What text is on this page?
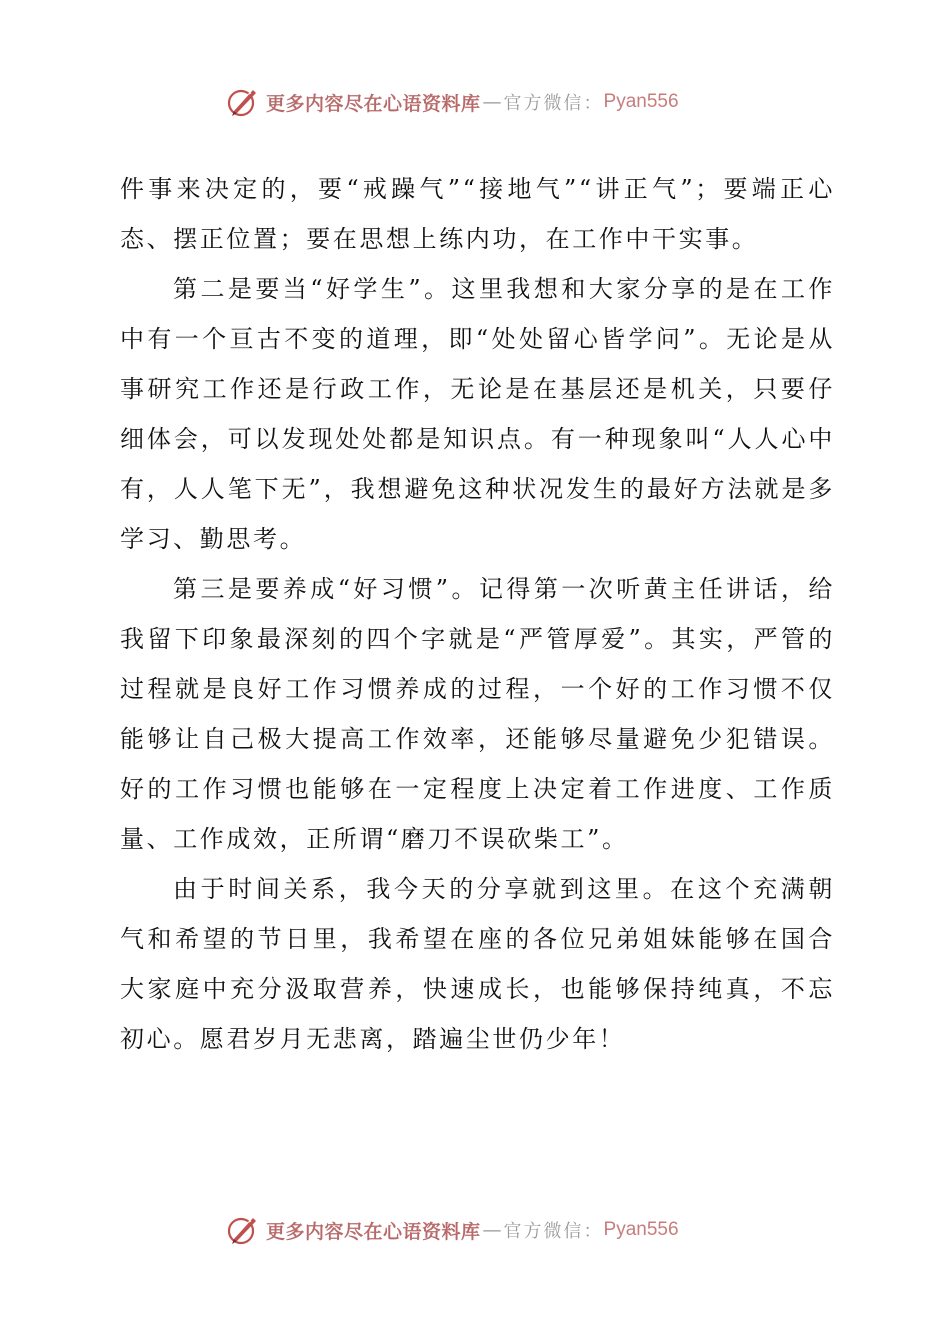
更多内容尽在心语资料库 — 官方微信： Pyan556

件事来决定的，要“戒躁气”“接地气”“讲正气”；要端正心态、摆正位置；要在思想上练内功，在工作中干实事。

第二是要当“好学生”。这里我想和大家分享的是在工作中有一个亘古不变的道理，即“处处留心皆学问”。无论是从事研究工作还是行政工作，无论是在基层还是机关，只要仔细体会，可以发现处处都是知识点。有一种现象叫“人人心中有，人人笔下无”，我想避免这种状况发生的最好方法就是多学习、勤思考。

第三是要养成“好习惯”。记得第一次听黄主任讲话，给我留下印象最深刻的四个字就是“严管厚爱”。其实，严管的过程就是良好工作习惯养成的过程，一个好的工作习惯不仅能够让自己极大提高工作效率，还能够尽量避免少犯错误。好的工作习惯也能够在一定程度上决定着工作进度、工作质量、工作成效，正所谓“磨刀不误砍柴工”。

由于时间关系，我今天的分享就到这里。在这个充满朝气和希望的节日里，我希望在座的各位兄弟姐妹能够在国合大家庭中充分汲取营养，快速成长，也能够保持纯真，不忘初心。愿君岁月无悲离，踏遍尘世仍少年！

更多内容尽在心语资料库 — 官方微信： Pyan556
